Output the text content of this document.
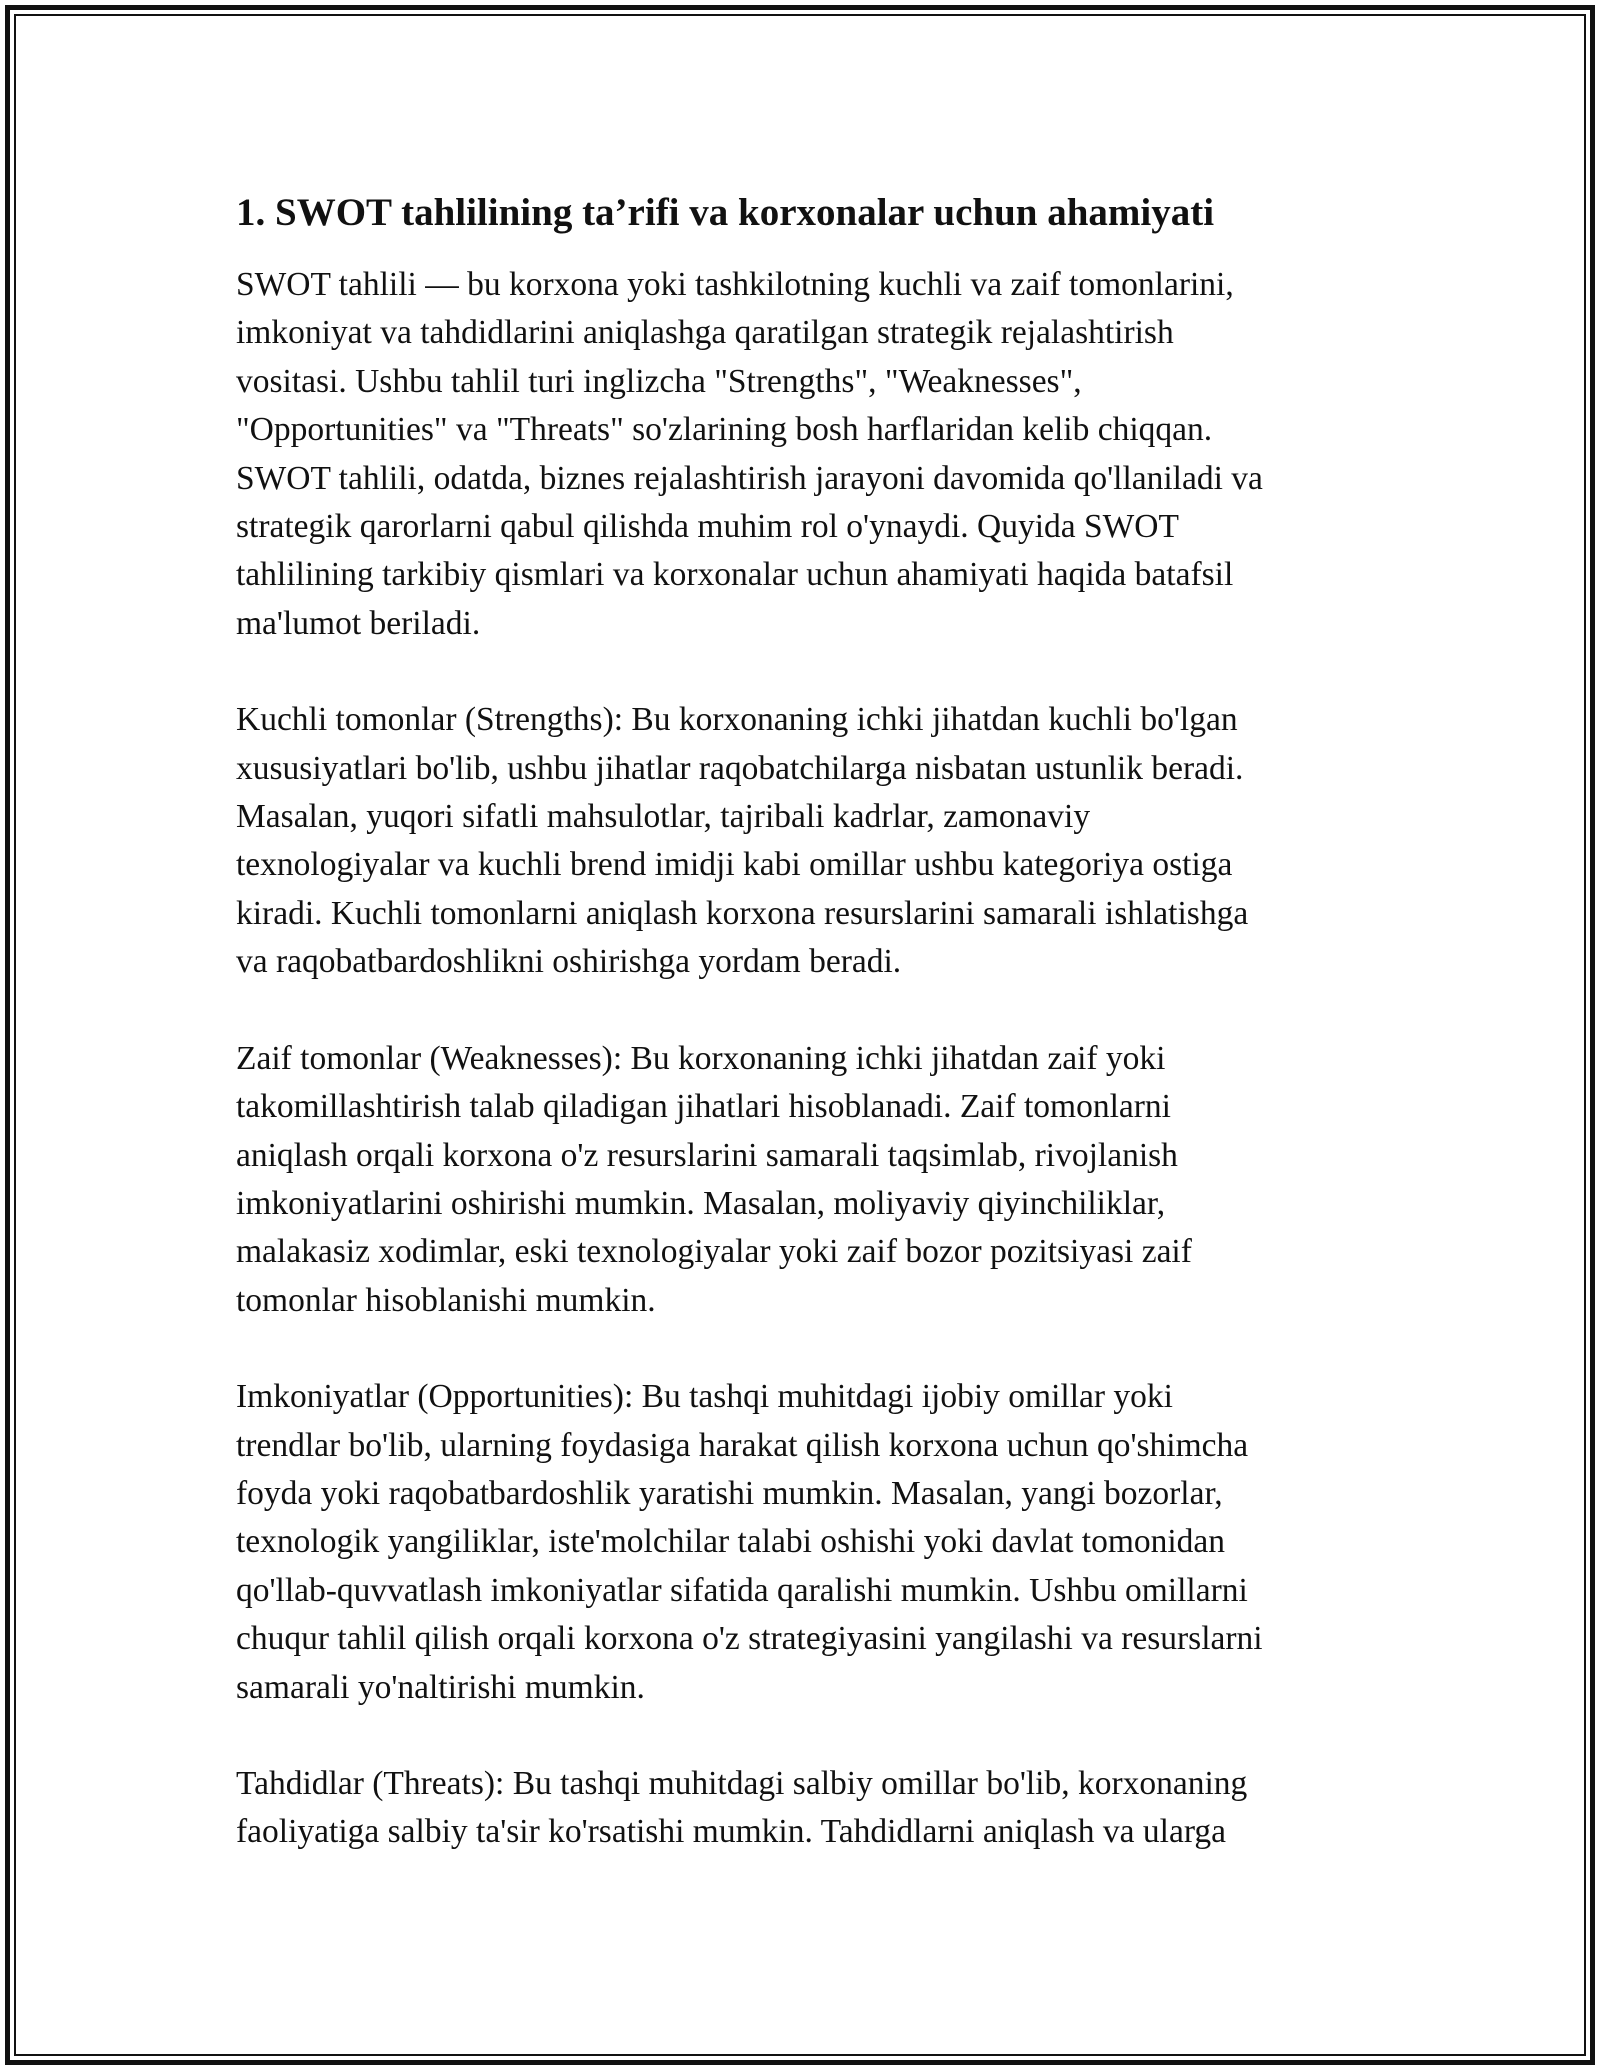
1. SWOT tahlilining ta’rifi va korxonalar uchun ahamiyati

SWOT tahlili — bu korxona yoki tashkilotning kuchli va zaif tomonlarini,
imkoniyat va tahdidlarini aniqlashga qaratilgan strategik rejalashtirish
vositasi. Ushbu tahlil turi inglizcha "Strengths", "Weaknesses",
"Opportunities" va "Threats" so'zlarining bosh harflaridan kelib chiqqan.
SWOT tahlili, odatda, biznes rejalashtirish jarayoni davomida qo'llaniladi va
strategik qarorlarni qabul qilishda muhim rol o'ynaydi. Quyida SWOT
tahlilining tarkibiy qismlari va korxonalar uchun ahamiyati haqida batafsil
ma'lumot beriladi.

Kuchli tomonlar (Strengths): Bu korxonaning ichki jihatdan kuchli bo'lgan
xususiyatlari bo'lib, ushbu jihatlar raqobatchilarga nisbatan ustunlik beradi.
Masalan, yuqori sifatli mahsulotlar, tajribali kadrlar, zamonaviy
texnologiyalar va kuchli brend imidji kabi omillar ushbu kategoriya ostiga
kiradi. Kuchli tomonlarni aniqlash korxona resurslarini samarali ishlatishga
va raqobatbardoshlikni oshirishga yordam beradi.

Zaif tomonlar (Weaknesses): Bu korxonaning ichki jihatdan zaif yoki
takomillashtirish talab qiladigan jihatlari hisoblanadi. Zaif tomonlarni
aniqlash orqali korxona o'z resurslarini samarali taqsimlab, rivojlanish
imkoniyatlarini oshirishi mumkin. Masalan, moliyaviy qiyinchiliklar,
malakasiz xodimlar, eski texnologiyalar yoki zaif bozor pozitsiyasi zaif
tomonlar hisoblanishi mumkin.

Imkoniyatlar (Opportunities): Bu tashqi muhitdagi ijobiy omillar yoki
trendlar bo'lib, ularning foydasiga harakat qilish korxona uchun qo'shimcha
foyda yoki raqobatbardoshlik yaratishi mumkin. Masalan, yangi bozorlar,
texnologik yangiliklar, iste'molchilar talabi oshishi yoki davlat tomonidan
qo'llab-quvvatlash imkoniyatlar sifatida qaralishi mumkin. Ushbu omillarni
chuqur tahlil qilish orqali korxona o'z strategiyasini yangilashi va resurslarni
samarali yo'naltirishi mumkin.

Tahdidlar (Threats): Bu tashqi muhitdagi salbiy omillar bo'lib, korxonaning
faoliyatiga salbiy ta'sir ko'rsatishi mumkin. Tahdidlarni aniqlash va ularga
